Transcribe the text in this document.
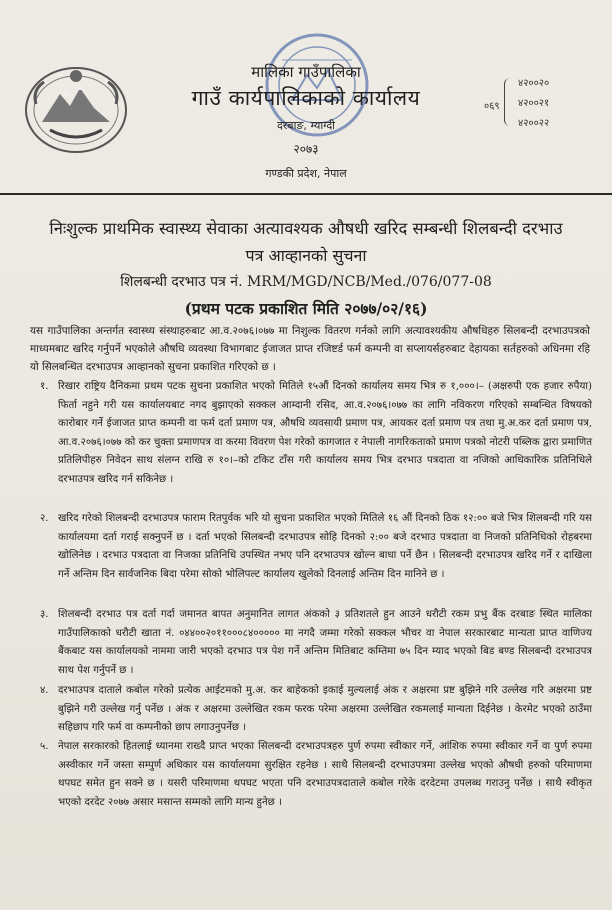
मालिका गाउँपालिका
गाउँ कार्यपालिकाको कार्यालय
दरबाङ, म्याग्दी
२०७३
गण्डकी प्रदेश, नेपाल
०६९
४२००२०
४२००२१
४२००२२
निःशुल्क प्राथमिक स्वास्थ्य सेवाका अत्यावश्यक औषधी खरिद सम्बन्धी शिलबन्दी दरभाउ
पत्र आव्हानको सुचना
शिलबन्धी दरभाउ पत्र नं. MRM/MGD/NCB/Med./076/077-08
(प्रथम पटक प्रकाशित मिति २०७७/०२/१६)
यस गाउँपालिका अन्तर्गत स्वास्थ्य संस्थाहरुबाट आ.व.२०७६।०७७ मा निशुल्क वितरण गर्नको लागि अत्यावश्यकीय औषधिहरु सिलबन्दी दरभाउपत्रको माध्यमबाट खरिद गर्नुपर्ने भएकोले औषधि व्यवस्था विभागबाट ईजाजत प्राप्त रजिष्टर्ड फर्म कम्पनी वा सप्लायर्सहरुबाट देहायका सर्तहरुको अधिनमा रहि यो सिलबन्धित दरभाउपत्र आव्हानको सुचना प्रकाशित गरिएको छ ।
१. रिखार राष्ट्रिय दैनिकमा प्रथम पटक सुचना प्रकाशित भएको मितिले १५औं दिनको कार्यालय समय भित्र रु १,०००।– (अक्षरुपी एक हजार रुपैया) फिर्ता नहुने गरी यस कार्यालयबाट नगद बुझाएको सक्कल आम्दानी रसिद, आ.व.२०७६।०७७ का लागि नविकरण गरिएको सम्बन्धित विषयको कारोबार गर्ने ईजाजत प्राप्त कम्पनी वा फर्म दर्ता प्रमाण पत्र, औषधि व्यवसायी प्रमाण पत्र, आयकर दर्ता प्रमाण पत्र तथा मु.अ.कर दर्ता प्रमाण पत्र, आ.व.२०७६।०७७ को कर चुक्ता प्रमाणपत्र वा करमा विवरण पेश गरेको कागजात र नेपाली नागरिकताको प्रमाण पत्रको नोटरी पब्लिक द्वारा प्रमाणित प्रतिलिपीहरु निवेदन साथ संलग्न राखि रु १०।–को टकिट टाँस गरी कार्यालय समय भित्र दरभाउ पत्रदाता वा नजिको आधिकारिक प्रतिनिधिले दरभाउपत्र खरिद गर्न सकिनेछ ।
२. खरिद गरेको शिलबन्दी दरभाउपत्र फाराम रितपुर्वक भरि यो सुचना प्रकाशित भएको मितिले १६ औं दिनको ठिक १२:०० बजे भित्र शिलबन्दी गरि यस कार्यालयमा दर्ता गराई सक्नुपर्ने छ । दर्ता भएको सिलबन्दी दरभाउपत्र सोहि दिनको २:०० बजे दरभाउ पत्रदाता वा निजको प्रतिनिधिको रोहबरमा खोलिनेछ । दरभाउ पत्रदाता वा निजका प्रतिनिधि उपस्थित नभए पनि दरभाउपत्र खोल्न बाधा पर्ने छैन । सिलबन्दी दरभाउपत्र खरिद गर्ने र दाखिला गर्ने अन्तिम दिन सार्वजनिक बिदा परेमा सोको भोलिपल्ट कार्यालय खुलेको दिनलाई अन्तिम दिन मानिने छ ।
३. शिलबन्दी दरभाउ पत्र दर्ता गर्दा जमानत बापत अनुमानित लागत अंकको ३ प्रतिशतले हुन आउने धरौटी रकम प्रभु बैंक दरबाङ स्थित मालिका गाउँपालिकाको धरौटी खाता नं. ०४४००२०११०००८४००००० मा नगदै जम्मा गरेको सक्कल भौचर वा नेपाल सरकारबाट मान्यता प्राप्त वाणिज्य बैंकबाट यस कार्यालयको नाममा जारी भएको दरभाउ पत्र पेश गर्ने अन्तिम मितिबाट कम्तिमा ७५ दिन म्याद भएको बिड बण्ड सिलबन्दी दरभाउपत्र साथ पेश गर्नुपर्ने छ ।
४. दरभाउपत्र दाताले कबोल गरेको प्रत्येक आईटमको मु.अ. कर बाहेकको इकाई मुल्यलाई अंक र अक्षरमा प्रष्ट बुझिने गरि उल्लेख गरि अक्षरमा प्रष्ट बुझिने गरी उल्लेख गर्नु पर्नेछ । अंक र अक्षरमा उल्लेखित रकम फरक परेमा अक्षरमा उल्लेखित रकमलाई मान्यता दिईनेछ । केरमेट भएको ठाउँमा सहिछाप गरि फर्म वा कम्पनीको छाप लगाउनुपर्नेछ ।
५. नेपाल सरकारको हितलाई ध्यानमा राख्दै प्राप्त भएका सिलबन्दी दरभाउपत्रहरु पुर्ण रुपमा स्वीकार गर्ने, आंशिक रुपमा स्वीकार गर्ने वा पुर्ण रुपमा अस्वीकार गर्ने जस्ता सम्पुर्ण अधिकार यस कार्यालयमा सुरक्षित रहनेछ । साथै सिलबन्दी दरभाउपत्रमा उल्लेख भएको औषधी हरुको परिमाणमा थपघट समेत हुन सक्ने छ । यसरी परिमाणमा थपघट भएता पनि दरभाउपत्रदाताले कबोल गरेके दरदेटमा उपलब्ध गराउनु पर्नेछ । साथै स्वीकृत भएको दरदेट २०७७ असार मसान्त सम्मको लागि मान्य हुनेछ ।
